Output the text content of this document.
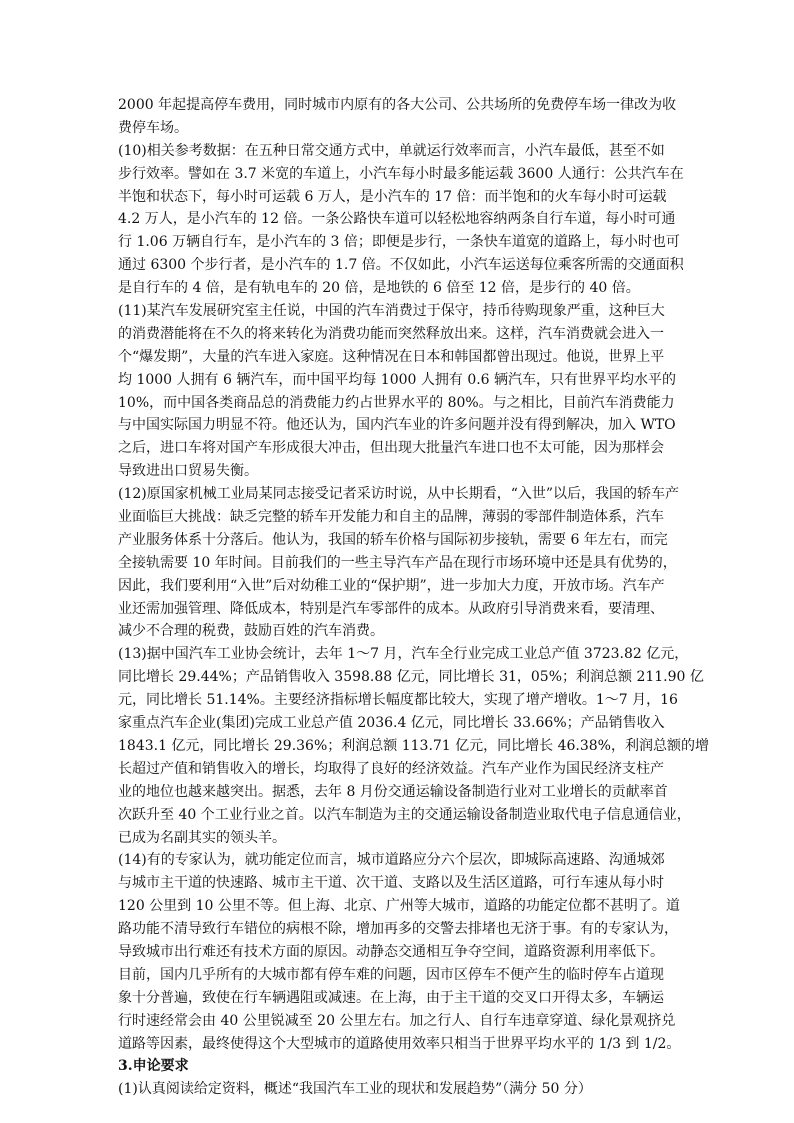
2000 年起提高停车费用，同时城市内原有的各大公司、公共场所的免费停车场一律改为收
费停车场。
(10)相关参考数据：在五种日常交通方式中，单就运行效率而言，小汽车最低，甚至不如
步行效率。譬如在 3.7 米宽的车道上，小汽车每小时最多能运载 3600 人通行：公共汽车在
半饱和状态下，每小时可运载 6 万人，是小汽车的 17 倍：而半饱和的火车每小时可运载
4.2 万人，是小汽车的 12 倍。一条公路快车道可以轻松地容纳两条自行车道，每小时可通
行 1.06 万辆自行车，是小汽车的 3 倍；即便是步行，一条快车道宽的道路上，每小时也可
通过 6300 个步行者，是小汽车的 1.7 倍。不仅如此，小汽车运送每位乘客所需的交通面积
是自行车的 4 倍，是有轨电车的 20 倍，是地铁的 6 倍至 12 倍，是步行的 40 倍。
(11)某汽车发展研究室主任说，中国的汽车消费过于保守，持币待购现象严重，这种巨大
的消费潜能将在不久的将来转化为消费功能而突然释放出来。这样，汽车消费就会进入一
个“爆发期”，大量的汽车进入家庭。这种情况在日本和韩国都曾出现过。他说，世界上平
均 1000 人拥有 6 辆汽车，而中国平均每 1000 人拥有 0.6 辆汽车，只有世界平均水平的
10%，而中国各类商品总的消费能力约占世界水平的 80%。与之相比，目前汽车消费能力
与中国实际国力明显不符。他还认为，国内汽车业的许多问题并没有得到解决，加入 WTO
之后，进口车将对国产车形成很大冲击，但出现大批量汽车进口也不太可能，因为那样会
导致进出口贸易失衡。
(12)原国家机械工业局某同志接受记者采访时说，从中长期看，“入世”以后，我国的轿车产
业面临巨大挑战：缺乏完整的轿车开发能力和自主的品牌，薄弱的零部件制造体系，汽车
产业服务体系十分落后。他认为，我国的轿车价格与国际初步接轨，需要 6 年左右，而完
全接轨需要 10 年时间。目前我们的一些主导汽车产品在现行市场环境中还是具有优势的，
因此，我们要利用“入世”后对幼稚工业的“保护期”，进一步加大力度，开放市场。汽车产
业还需加强管理、降低成本，特别是汽车零部件的成本。从政府引导消费来看，要清理、
减少不合理的税费，鼓励百姓的汽车消费。
(13)据中国汽车工业协会统计，去年 1～7 月，汽车全行业完成工业总产值 3723.82 亿元，
同比增长 29.44%；产品销售收入 3598.88 亿元，同比增长 31，05%；利润总额 211.90 亿
元，同比增长 51.14%。主要经济指标增长幅度都比较大，实现了增产增收。1～7 月，16
家重点汽车企业(集团)完成工业总产值 2036.4 亿元，同比增长 33.66%；产品销售收入
1843.1 亿元，同比增长 29.36%；利润总额 113.71 亿元，同比增长 46.38%，利润总额的增
长超过产值和销售收入的增长，均取得了良好的经济效益。汽车产业作为国民经济支柱产
业的地位也越来越突出。据悉，去年 8 月份交通运输设备制造行业对工业增长的贡献率首
次跃升至 40 个工业行业之首。以汽车制造为主的交通运输设备制造业取代电子信息通信业，
已成为名副其实的领头羊。
(14)有的专家认为，就功能定位而言，城市道路应分六个层次，即城际高速路、沟通城郊
与城市主干道的快速路、城市主干道、次干道、支路以及生活区道路，可行车速从每小时
120 公里到 10 公里不等。但上海、北京、广州等大城市，道路的功能定位都不甚明了。道
路功能不清导致行车错位的病根不除，增加再多的交警去排堵也无济于事。有的专家认为，
导致城市出行难还有技术方面的原因。动静态交通相互争夺空间，道路资源利用率低下。
目前，国内几乎所有的大城市都有停车难的问题，因市区停车不便产生的临时停车占道现
象十分普遍，致使在行车辆遇阻或减速。在上海，由于主干道的交叉口开得太多，车辆运
行时速经常会由 40 公里锐减至 20 公里左右。加之行人、自行车违章穿道、绿化景观挤兑
道路等因素，最终使得这个大型城市的道路使用效率只相当于世界平均水平的 1/3 到 1/2。
3.申论要求
(1)认真阅读给定资料，概述“我国汽车工业的现状和发展趋势”（满分 50 分）
